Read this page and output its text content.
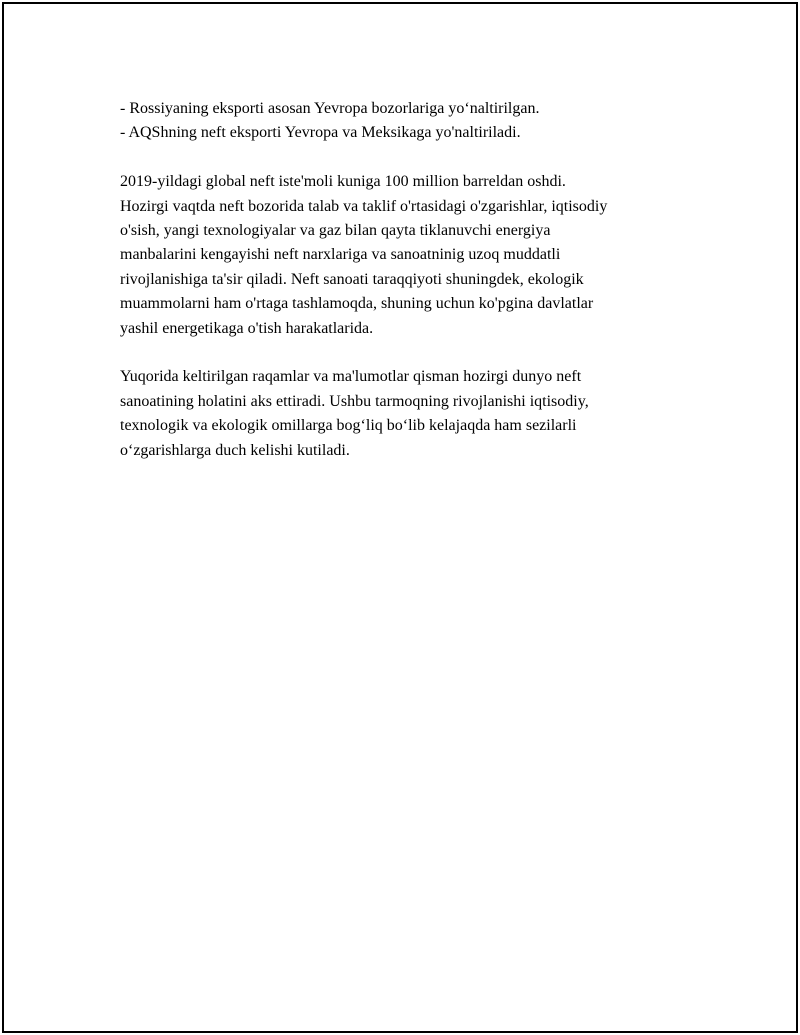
- Rossiyaning eksporti asosan Yevropa bozorlariga yo‘naltirilgan.
- AQShning neft eksporti Yevropa va Meksikaga yo'naltiriladi.
2019-yildagi global neft iste'moli kuniga 100 million barreldan oshdi.
Hozirgi vaqtda neft bozorida talab va taklif o'rtasidagi o'zgarishlar, iqtisodiy
o'sish, yangi texnologiyalar va gaz bilan qayta tiklanuvchi energiya
manbalarini kengayishi neft narxlariga va sanoatninig uzoq muddatli
rivojlanishiga ta'sir qiladi. Neft sanoati taraqqiyoti shuningdek, ekologik
muammolarni ham o'rtaga tashlamoqda, shuning uchun ko'pgina davlatlar
yashil energetikaga o'tish harakatlarida.
Yuqorida keltirilgan raqamlar va ma'lumotlar qisman hozirgi dunyo neft
sanoatining holatini aks ettiradi. Ushbu tarmoqning rivojlanishi iqtisodiy,
texnologik va ekologik omillarga bog‘liq bo‘lib kelajaqda ham sezilarli
o‘zgarishlarga duch kelishi kutiladi.
